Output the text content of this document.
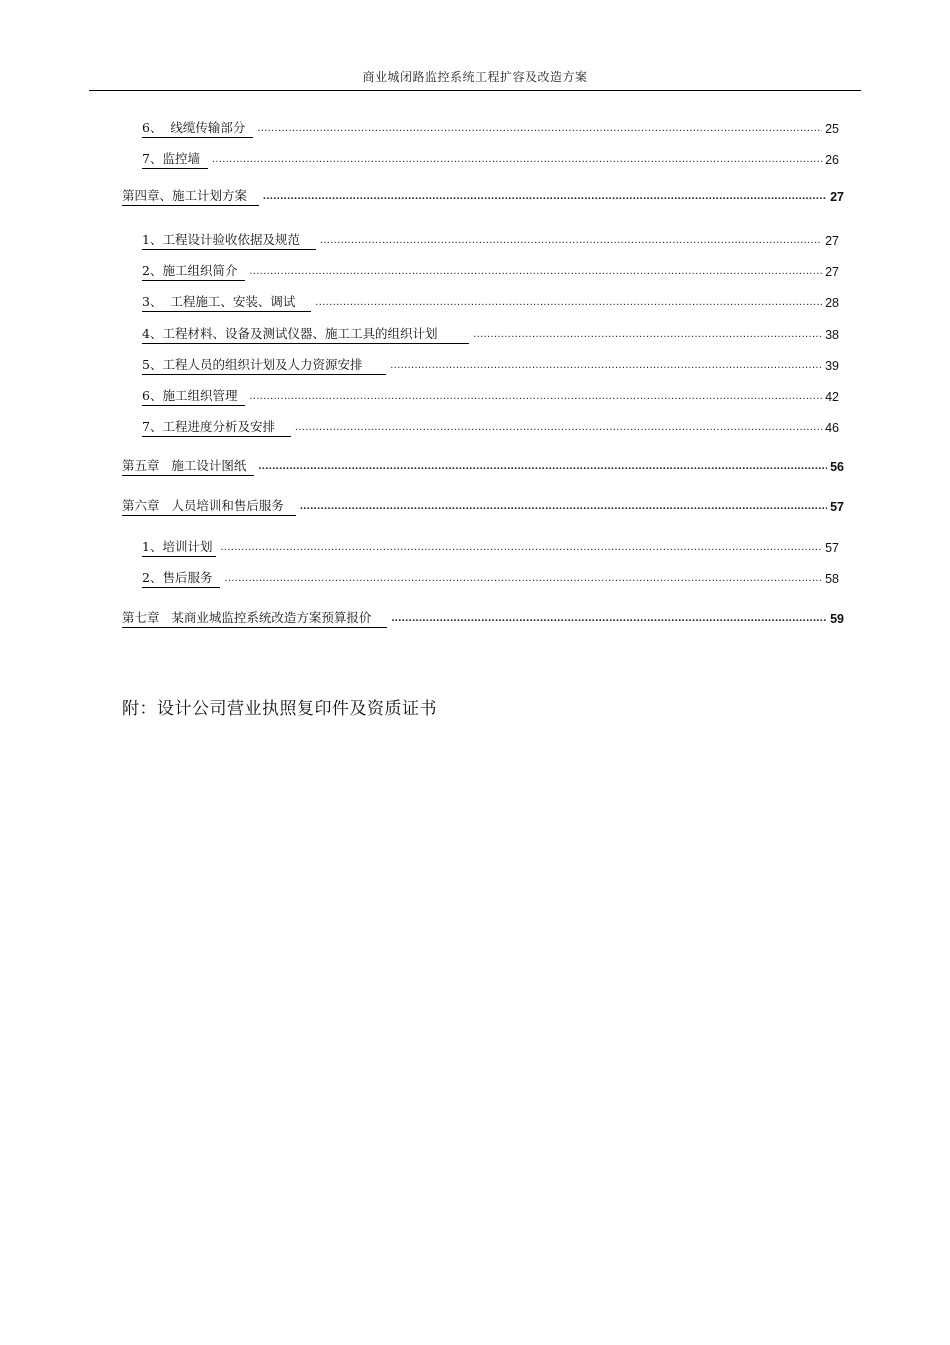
商业城闭路监控系统工程扩容及改造方案
6、  线缆传输部分 .....	25
7、监控墙 .....	26
第四章、施工计划方案 .....	27
1、工程设计验收依据及规范 .....	27
2、施工组织简介 .....	27
3、  工程施工、安装、调试 .....	28
4、工程材料、设备及测试仪器、施工工具的组织计划 .....	38
5、工程人员的组织计划及人力资源安排 .....	39
6、施工组织管理 .....	42
7、工程进度分析及安排 .....	46
第五章   施工设计图纸 .....	56
第六章   人员培训和售后服务 .....	57
1、培训计划 .....	57
2、售后服务 .....	58
第七章   某商业城监控系统改造方案预算报价 .....	59
附：设计公司营业执照复印件及资质证书
